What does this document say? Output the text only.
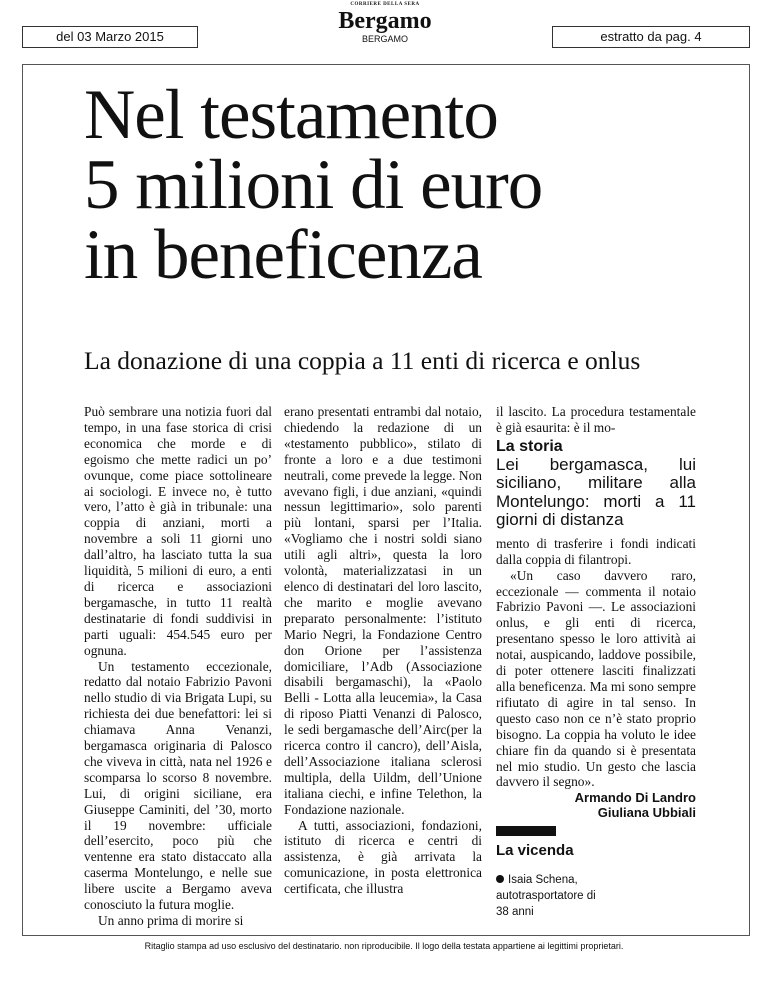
del 03 Marzo 2015
CORRIERE DELLA SERA
Bergamo
BERGAMO	estratto da pag. 4
Nel testamento
5 milioni di euro
in beneficenza
La donazione di una coppia a 11 enti di ricerca e onlus

Può sembrare una notizia fuori dal tempo, in una fase storica di crisi economica che morde e di egoismo che mette radici un po’ ovunque, come piace sottolineare ai sociologi. E invece no, è tutto vero, l’atto è già in tribunale: una coppia di anziani, morti a novembre a soli 11 giorni uno dall’altro, ha lasciato tutta la sua liquidità, 5 milioni di euro, a enti di ricerca e associazioni bergamasche, in tutto 11 realtà destinatarie di fondi suddivisi in parti uguali: 454.545 euro per ognuna.

Un testamento eccezionale, redatto dal notaio Fabrizio Pavoni nello studio di via Brigata Lupi, su richiesta dei due benefattori: lei si chiamava Anna Venanzi, bergamasca originaria di Palosco che viveva in città, nata nel 1926 e scomparsa lo scorso 8 novembre. Lui, di origini siciliane, era Giuseppe Caminiti, del ’30, morto il 19 novembre: ufficiale dell’esercito, poco più che ventenne era stato distaccato alla caserma Montelungo, e nelle sue libere uscite a Bergamo aveva conosciuto la futura moglie.

Un anno prima di morire si

erano presentati entrambi dal notaio, chiedendo la redazione di un «testamento pubblico», stilato di fronte a loro e a due testimoni neutrali, come prevede la legge. Non avevano figli, i due anziani, «quindi nessun legittimario», solo parenti più lontani, sparsi per l’Italia. «Vogliamo che i nostri soldi siano utili agli altri», questa la loro volontà, materializzatasi in un elenco di destinatari del loro lascito, che marito e moglie avevano preparato personalmente: l’istituto Mario Negri, la Fondazione Centro don Orione per l’assistenza domiciliare, l’Adb (Associazione disabili bergamaschi), la «Paolo Belli - Lotta alla leucemia», la Casa di riposo Piatti Venanzi di Palosco, le sedi bergamasche dell’Airc(per la ricerca contro il cancro), dell’Aisla, dell’Associazione italiana sclerosi multipla, della Uildm, dell’Unione italiana ciechi, e infine Telethon, la Fondazione nazionale.

A tutti, associazioni, fondazioni, istituto di ricerca e centri di assistenza, è già arrivata la comunicazione, in posta elettronica certificata, che illustra

il lascito. La procedura testamentale è già esaurita: è il mo-

La storia
Lei bergamasca, lui siciliano, militare alla Montelungo: morti a 11 giorni di distanza

mento di trasferire i fondi indicati dalla coppia di filantropi.

«Un caso davvero raro, eccezionale — commenta il notaio Fabrizio Pavoni —. Le associazioni onlus, e gli enti di ricerca, presentano spesso le loro attività ai notai, auspicando, laddove possibile, di poter ottenere lasciti finalizzati alla beneficenza. Ma mi sono sempre rifiutato di agire in tal senso. In questo caso non ce n’è stato proprio bisogno. La coppia ha voluto le idee chiare fin da quando si è presentata nel mio studio. Un gesto che lascia davvero il segno».

Armando Di Landro
Giuliana Ubbiali
La vicenda
Isaia Schena, autotrasportatore di 38 anni
Ritaglio stampa ad uso esclusivo del destinatario. non riproducibile. Il logo della testata appartiene ai legittimi proprietari.
